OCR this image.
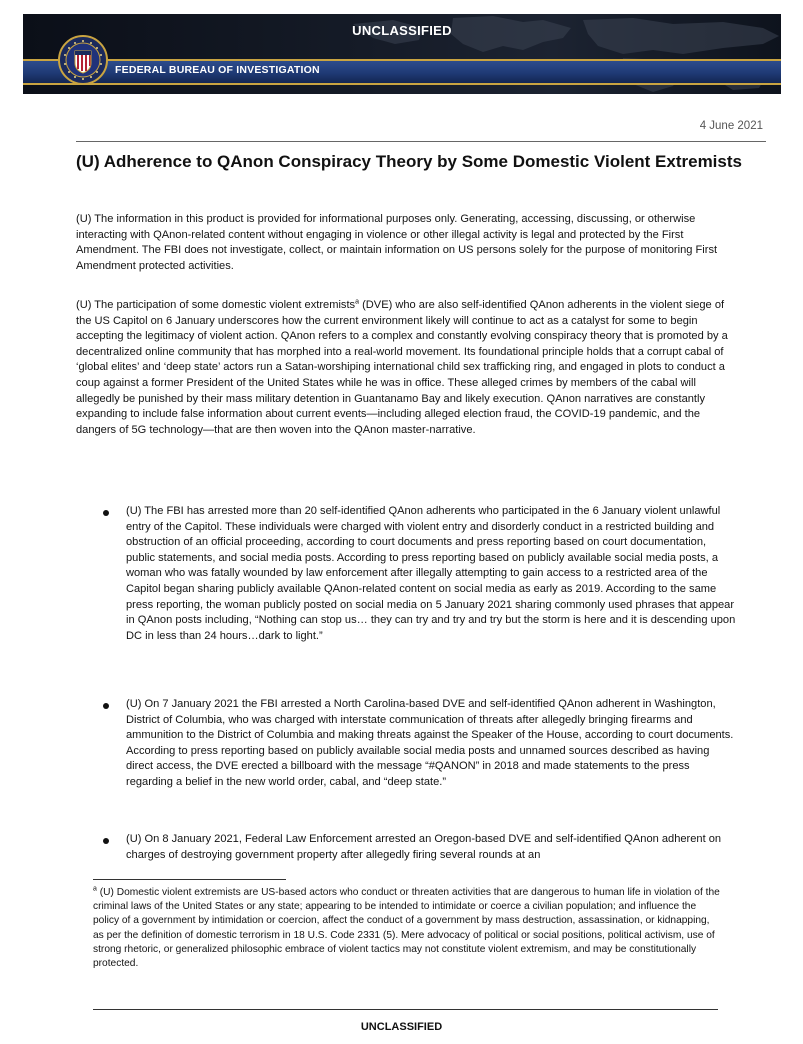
UNCLASSIFIED
FEDERAL BUREAU OF INVESTIGATION
4 June 2021
(U) Adherence to QAnon Conspiracy Theory by Some Domestic Violent Extremists
(U) The information in this product is provided for informational purposes only. Generating, accessing, discussing, or otherwise interacting with QAnon-related content without engaging in violence or other illegal activity is legal and protected by the First Amendment. The FBI does not investigate, collect, or maintain information on US persons solely for the purpose of monitoring First Amendment protected activities.
(U) The participation of some domestic violent extremists$^a$ (DVE) who are also self-identified QAnon adherents in the violent siege of the US Capitol on 6 January underscores how the current environment likely will continue to act as a catalyst for some to begin accepting the legitimacy of violent action. QAnon refers to a complex and constantly evolving conspiracy theory that is promoted by a decentralized online community that has morphed into a real-world movement. Its foundational principle holds that a corrupt cabal of ‘global elites’ and ‘deep state’ actors run a Satan-worshiping international child sex trafficking ring, and engaged in plots to conduct a coup against a former President of the United States while he was in office. These alleged crimes by members of the cabal will allegedly be punished by their mass military detention in Guantanamo Bay and likely execution. QAnon narratives are constantly expanding to include false information about current events—including alleged election fraud, the COVID-19 pandemic, and the dangers of 5G technology—that are then woven into the QAnon master-narrative.
(U) The FBI has arrested more than 20 self-identified QAnon adherents who participated in the 6 January violent unlawful entry of the Capitol. These individuals were charged with violent entry and disorderly conduct in a restricted building and obstruction of an official proceeding, according to court documents and press reporting based on court documentation, public statements, and social media posts. According to press reporting based on publicly available social media posts, a woman who was fatally wounded by law enforcement after illegally attempting to gain access to a restricted area of the Capitol began sharing publicly available QAnon-related content on social media as early as 2019. According to the same press reporting, the woman publicly posted on social media on 5 January 2021 sharing commonly used phrases that appear in QAnon posts including, “Nothing can stop us… they can try and try and try but the storm is here and it is descending upon DC in less than 24 hours…dark to light.”
(U) On 7 January 2021 the FBI arrested a North Carolina-based DVE and self-identified QAnon adherent in Washington, District of Columbia, who was charged with interstate communication of threats after allegedly bringing firearms and ammunition to the District of Columbia and making threats against the Speaker of the House, according to court documents. According to press reporting based on publicly available social media posts and unnamed sources described as having direct access, the DVE erected a billboard with the message “#QANON” in 2018 and made statements to the press regarding a belief in the new world order, cabal, and “deep state.”
(U) On 8 January 2021, Federal Law Enforcement arrested an Oregon-based DVE and self-identified QAnon adherent on charges of destroying government property after allegedly firing several rounds at an
$^a$ (U) Domestic violent extremists are US-based actors who conduct or threaten activities that are dangerous to human life in violation of the criminal laws of the United States or any state; appearing to be intended to intimidate or coerce a civilian population; and influence the policy of a government by intimidation or coercion, affect the conduct of a government by mass destruction, assassination, or kidnapping, as per the definition of domestic terrorism in 18 U.S. Code 2331 (5). Mere advocacy of political or social positions, political activism, use of strong rhetoric, or generalized philosophic embrace of violent tactics may not constitute violent extremism, and may be constitutionally protected.
UNCLASSIFIED
